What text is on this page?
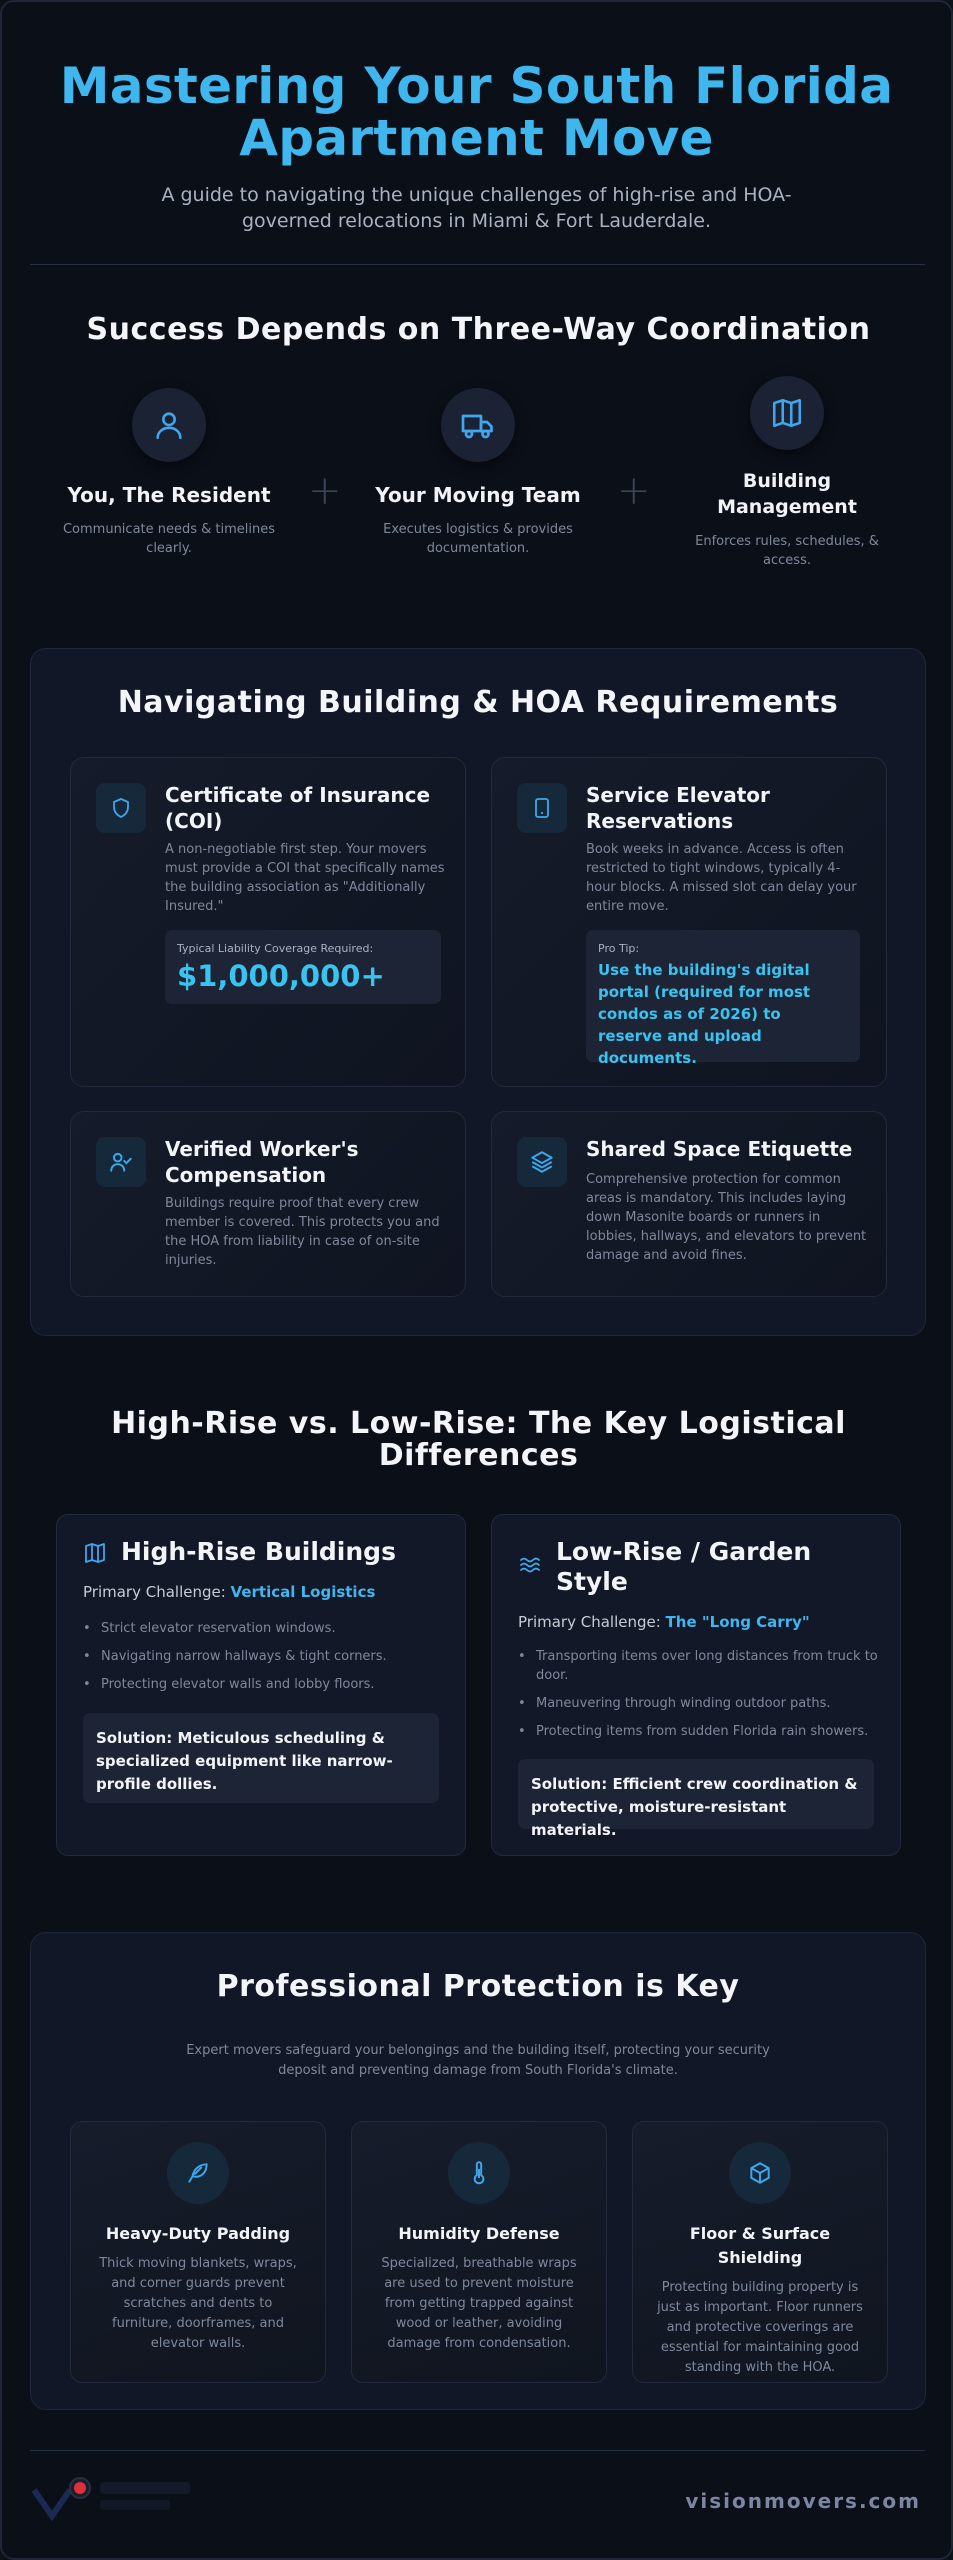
Mastering Your South Florida Apartment Move

A guide to navigating the unique challenges of high-rise and HOA-governed relocations in Miami & Fort Lauderdale.

Success Depends on Three-Way Coordination
You, The Resident
Communicate needs & timelines clearly.
+	Your Moving Team
Executes logistics & provides documentation.
+	Building Management
Enforces rules, schedules, & access.
Navigating Building & HOA Requirements
Certificate of Insurance (COI)
A non-negotiable first step. Your movers must provide a COI that specifically names the building association as "Additionally Insured."
Typical Liability Coverage Required:
$1,000,000+
Service Elevator Reservations
Book weeks in advance. Access is often restricted to tight windows, typically 4-hour blocks. A missed slot can delay your entire move.
Pro Tip:
Use the building's digital portal (required for most condos as of 2026) to reserve and upload documents.
Verified Worker's Compensation
Buildings require proof that every crew member is covered. This protects you and the HOA from liability in case of on-site injuries.
Shared Space Etiquette
Comprehensive protection for common areas is mandatory. This includes laying down Masonite boards or runners in lobbies, hallways, and elevators to prevent damage and avoid fines.
High-Rise vs. Low-Rise: The Key Logistical Differences
High-Rise Buildings
Primary Challenge: Vertical Logistics
• Strict elevator reservation windows.
• Navigating narrow hallways & tight corners.
• Protecting elevator walls and lobby floors.
Solution: Meticulous scheduling & specialized equipment like narrow-profile dollies.
Low-Rise / Garden Style
Primary Challenge: The "Long Carry"
• Transporting items over long distances from truck to door.
• Maneuvering through winding outdoor paths.
• Protecting items from sudden Florida rain showers.
Solution: Efficient crew coordination & protective, moisture-resistant materials.
Professional Protection is Key
Expert movers safeguard your belongings and the building itself, protecting your security deposit and preventing damage from South Florida's climate.
Heavy-Duty Padding
Thick moving blankets, wraps, and corner guards prevent scratches and dents to furniture, doorframes, and elevator walls.
Humidity Defense
Specialized, breathable wraps are used to prevent moisture from getting trapped against wood or leather, avoiding damage from condensation.
Floor & Surface Shielding
Protecting building property is just as important. Floor runners and protective coverings are essential for maintaining good standing with the HOA.
visionmovers.com
